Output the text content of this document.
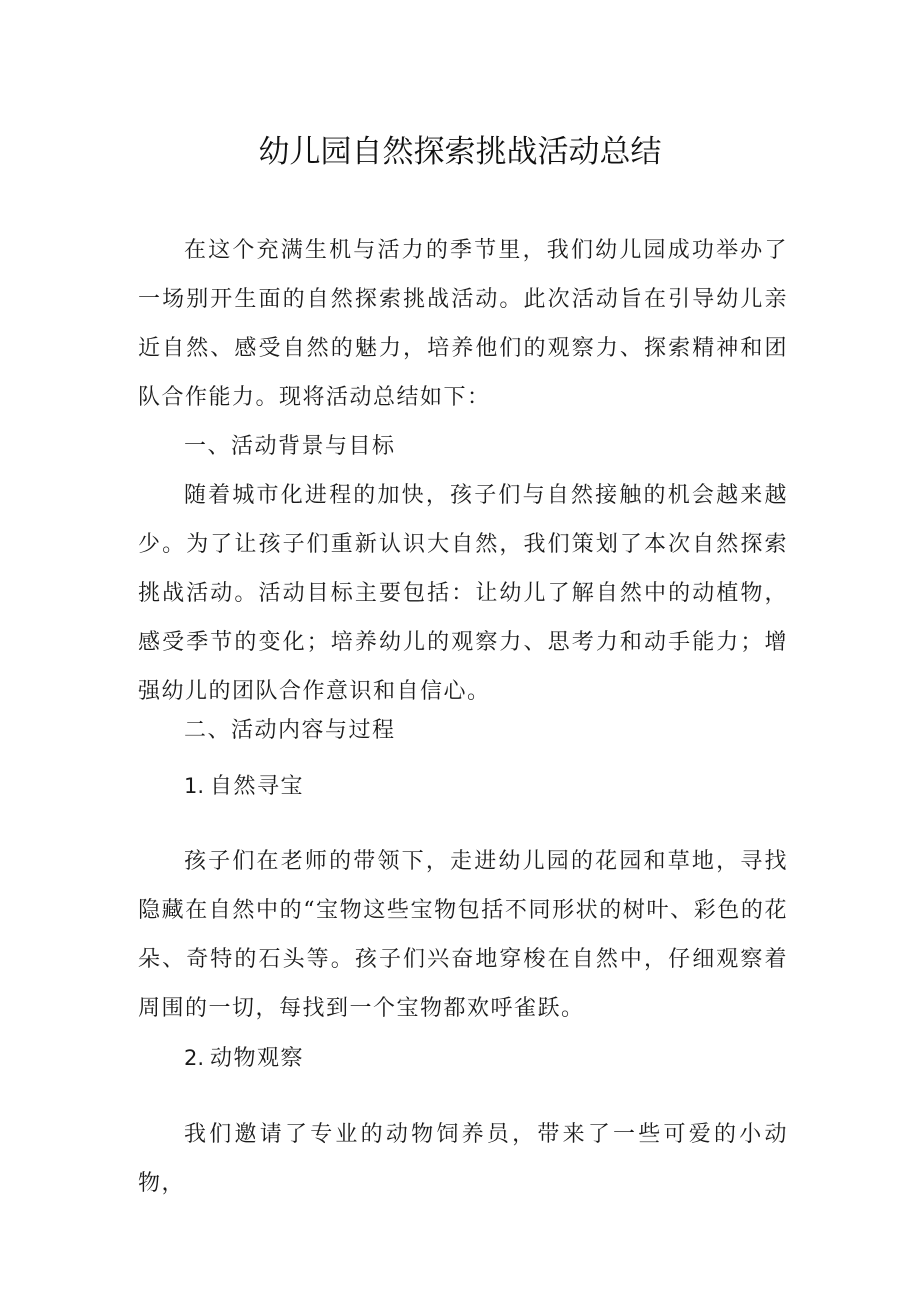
幼儿园自然探索挑战活动总结

在这个充满生机与活力的季节里，我们幼儿园成功举办了一场别开生面的自然探索挑战活动。此次活动旨在引导幼儿亲近自然、感受自然的魅力，培养他们的观察力、探索精神和团队合作能力。现将活动总结如下：

一、活动背景与目标

随着城市化进程的加快，孩子们与自然接触的机会越来越少。为了让孩子们重新认识大自然，我们策划了本次自然探索挑战活动。活动目标主要包括：让幼儿了解自然中的动植物，感受季节的变化；培养幼儿的观察力、思考力和动手能力；增强幼儿的团队合作意识和自信心。

二、活动内容与过程

1. 自然寻宝

孩子们在老师的带领下，走进幼儿园的花园和草地，寻找隐藏在自然中的“宝物这些宝物包括不同形状的树叶、彩色的花朵、奇特的石头等。孩子们兴奋地穿梭在自然中，仔细观察着周围的一切，每找到一个宝物都欢呼雀跃。

2. 动物观察

我们邀请了专业的动物饲养员，带来了一些可爱的小动物，
